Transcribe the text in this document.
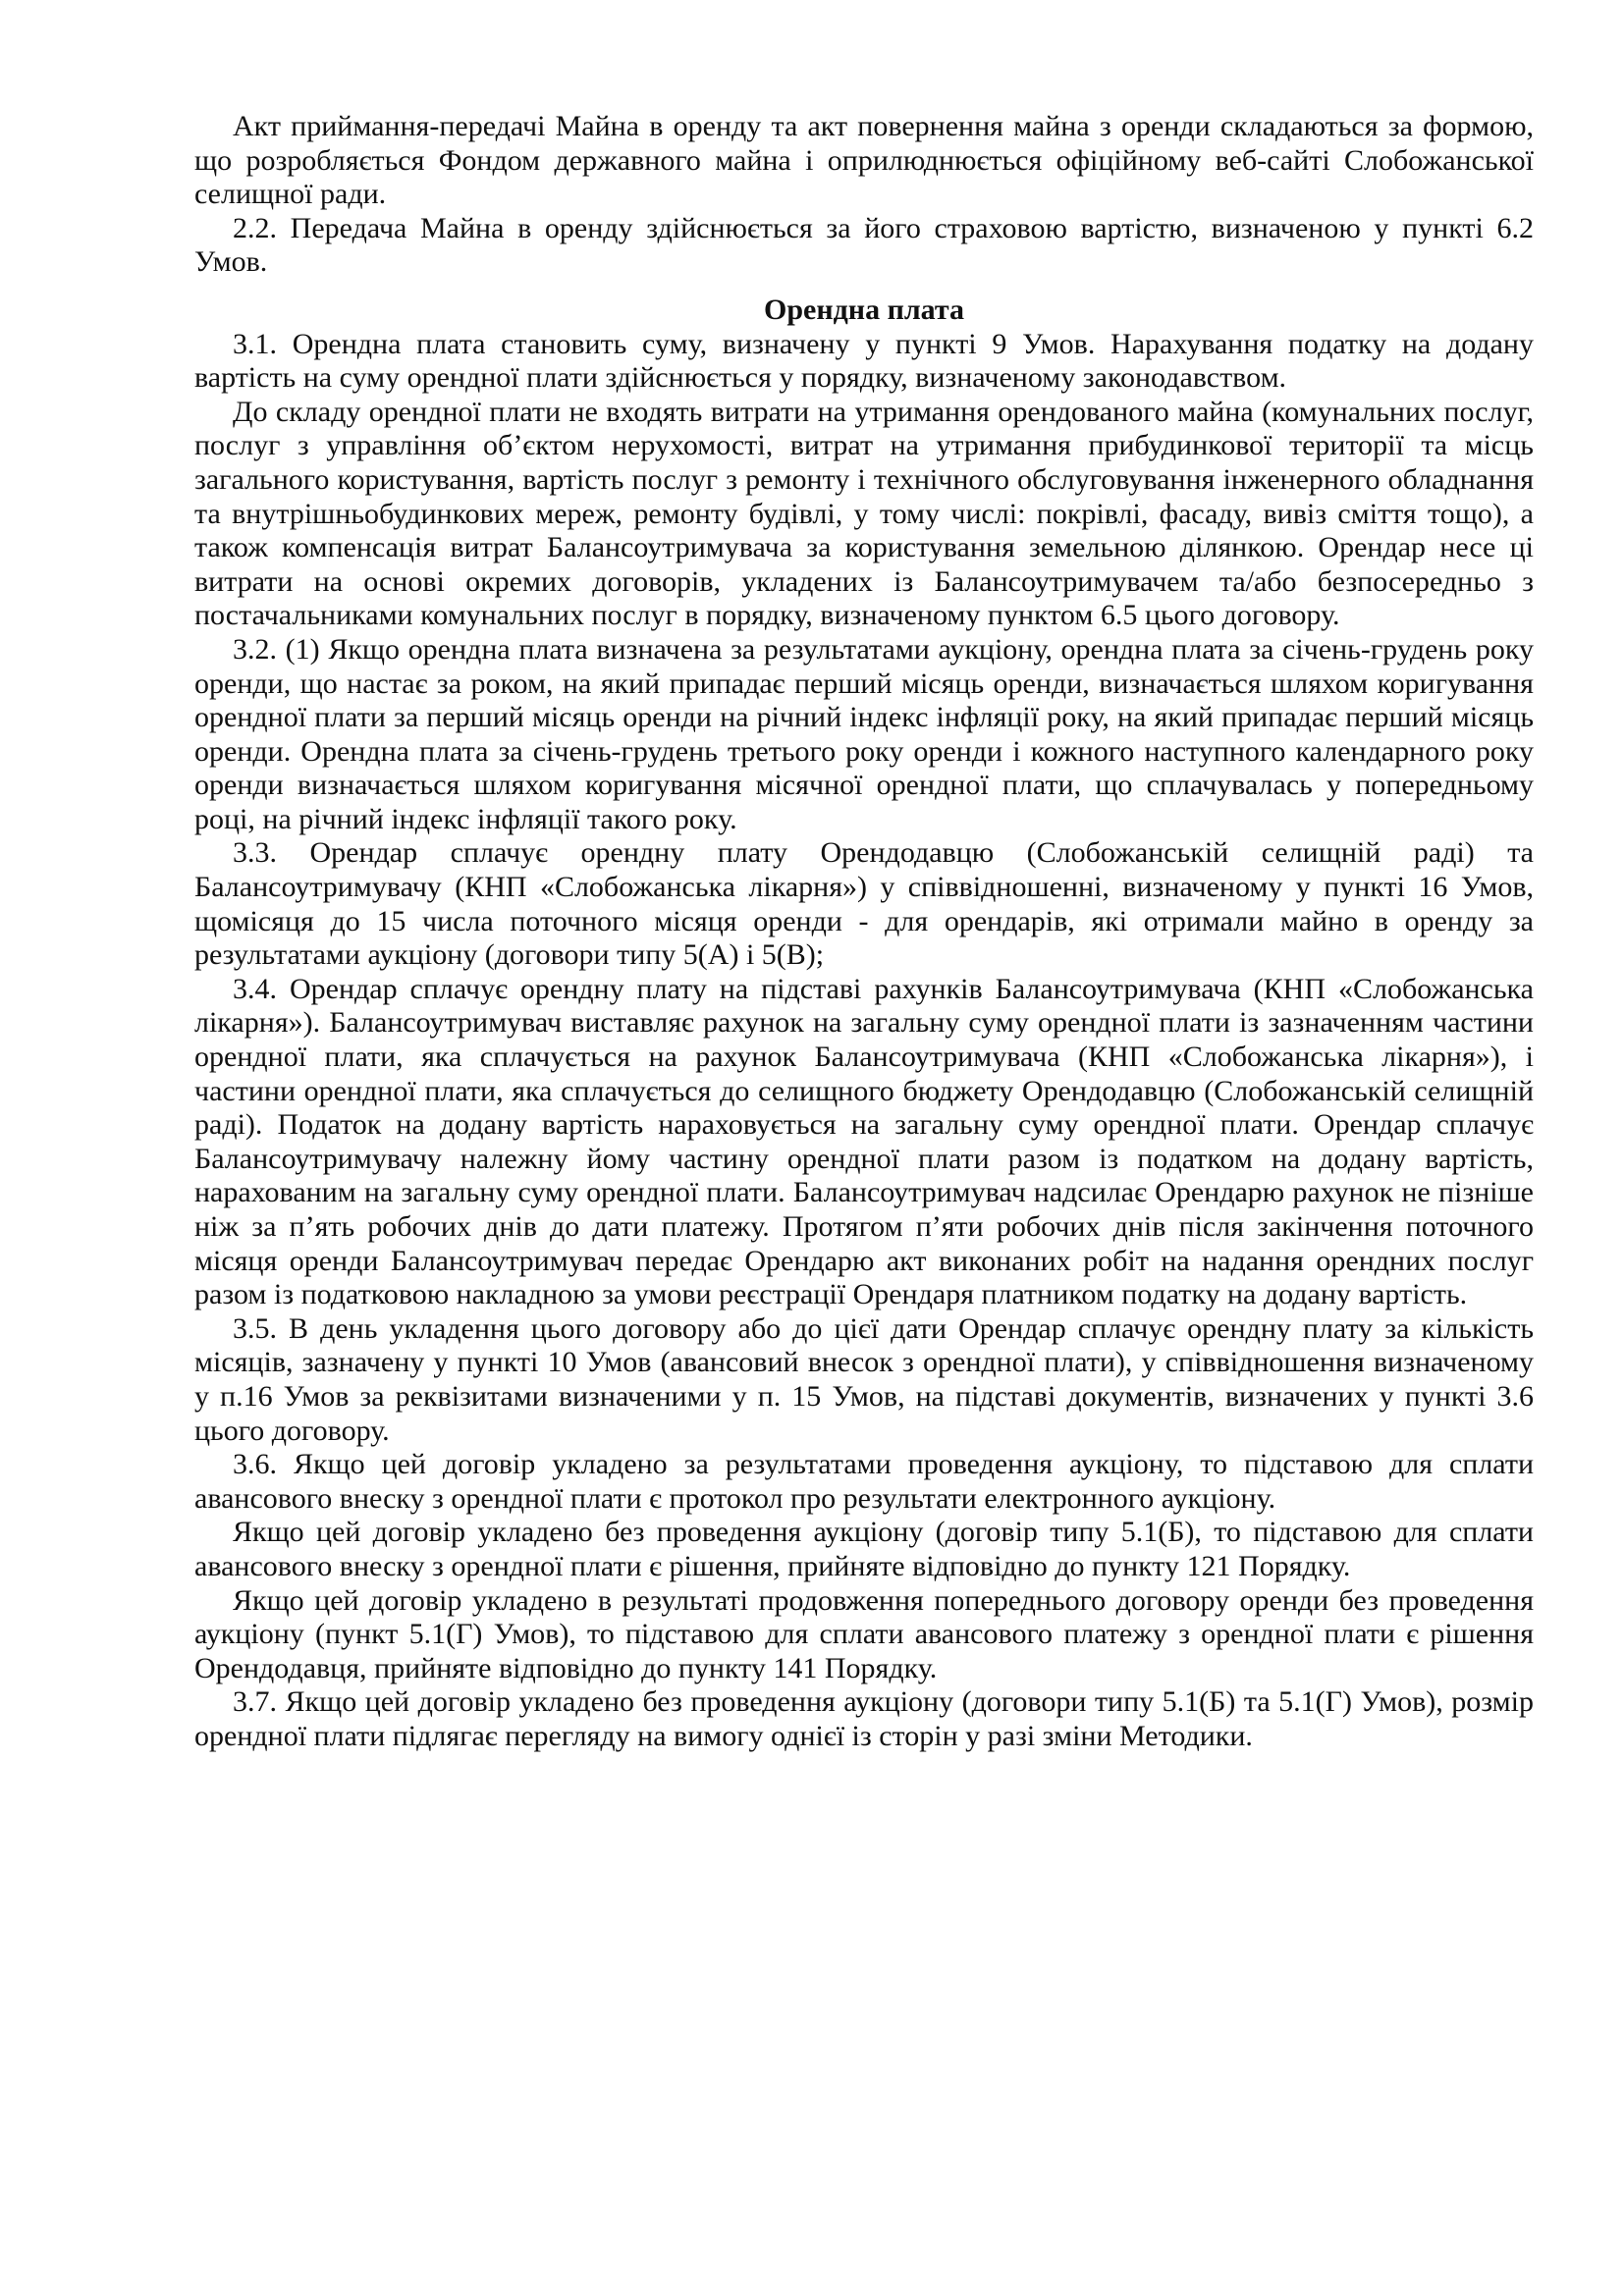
Акт приймання-передачі Майна в оренду та акт повернення майна з оренди складаються за формою, що розробляється Фондом державного майна і оприлюднюється офіційному веб-сайті Слобожанської селищної ради.

2.2. Передача Майна в оренду здійснюється за його страховою вартістю, визначеною у пункті 6.2 Умов.

Орендна плата

3.1. Орендна плата становить суму, визначену у пункті 9 Умов. Нарахування податку на додану вартість на суму орендної плати здійснюється у порядку, визначеному законодавством.

До складу орендної плати не входять витрати на утримання орендованого майна (комунальних послуг, послуг з управління об’єктом нерухомості, витрат на утримання прибудинкової території та місць загального користування, вартість послуг з ремонту і технічного обслуговування інженерного обладнання та внутрішньобудинкових мереж, ремонту будівлі, у тому числі: покрівлі, фасаду, вивіз сміття тощо), а також компенсація витрат Балансоутримувача за користування земельною ділянкою. Орендар несе ці витрати на основі окремих договорів, укладених із Балансоутримувачем та/або безпосередньо з постачальниками комунальних послуг в порядку, визначеному пунктом 6.5 цього договору.

3.2. (1) Якщо орендна плата визначена за результатами аукціону, орендна плата за січень-грудень року оренди, що настає за роком, на який припадає перший місяць оренди, визначається шляхом коригування орендної плати за перший місяць оренди на річний індекс інфляції року, на який припадає перший місяць оренди. Орендна плата за січень-грудень третього року оренди і кожного наступного календарного року оренди визначається шляхом коригування місячної орендної плати, що сплачувалась у попередньому році, на річний індекс інфляції такого року.

3.3. Орендар сплачує орендну плату Орендодавцю (Слобожанській селищній раді) та Балансоутримувачу (КНП «Слобожанська лікарня») у співвідношенні, визначеному у пункті 16 Умов, щомісяця до 15 числа поточного місяця оренди - для орендарів, які отримали майно в оренду за результатами аукціону (договори типу 5(А) і 5(В);

3.4. Орендар сплачує орендну плату на підставі рахунків Балансоутримувача (КНП «Слобожанська лікарня»). Балансоутримувач виставляє рахунок на загальну суму орендної плати із зазначенням частини орендної плати, яка сплачується на рахунок Балансоутримувача (КНП «Слобожанська лікарня»), і частини орендної плати, яка сплачується до селищного бюджету Орендодавцю (Слобожанській селищній раді). Податок на додану вартість нараховується на загальну суму орендної плати. Орендар сплачує Балансоутримувачу належну йому частину орендної плати разом із податком на додану вартість, нарахованим на загальну суму орендної плати. Балансоутримувач надсилає Орендарю рахунок не пізніше ніж за п’ять робочих днів до дати платежу. Протягом п’яти робочих днів після закінчення поточного місяця оренди Балансоутримувач передає Орендарю акт виконаних робіт на надання орендних послуг разом із податковою накладною за умови реєстрації Орендаря платником податку на додану вартість.

3.5. В день укладення цього договору або до цієї дати Орендар сплачує орендну плату за кількість місяців, зазначену у пункті 10 Умов (авансовий внесок з орендної плати), у співвідношення визначеному у п.16 Умов за реквізитами визначеними у п. 15 Умов, на підставі документів, визначених у пункті 3.6 цього договору.

3.6. Якщо цей договір укладено за результатами проведення аукціону, то підставою для сплати авансового внеску з орендної плати є протокол про результати електронного аукціону.

Якщо цей договір укладено без проведення аукціону (договір типу 5.1(Б), то підставою для сплати авансового внеску з орендної плати є рішення, прийняте відповідно до пункту 121 Порядку.

Якщо цей договір укладено в результаті продовження попереднього договору оренди без проведення аукціону (пункт 5.1(Г) Умов), то підставою для сплати авансового платежу з орендної плати є рішення Орендодавця, прийняте відповідно до пункту 141 Порядку.

3.7. Якщо цей договір укладено без проведення аукціону (договори типу 5.1(Б) та 5.1(Г) Умов), розмір орендної плати підлягає перегляду на вимогу однієї із сторін у разі зміни Методики.
